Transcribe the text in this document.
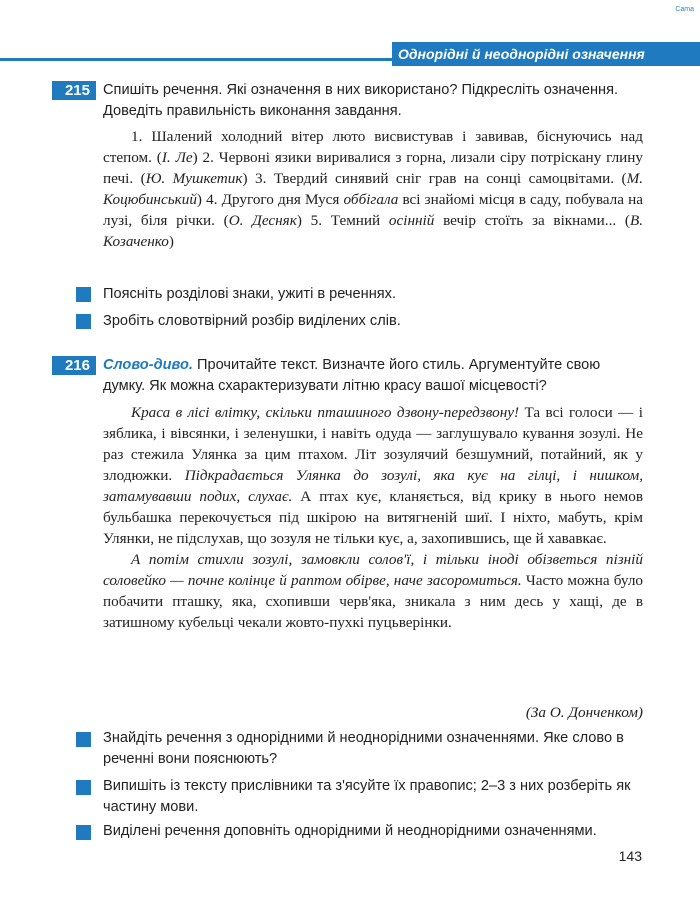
Cama
Однорідні й неоднорідні означення
215 Спишіть речення. Які означення в них використано? Підкресліть означення. Доведіть правильність виконання завдання.

1. Шалений холодний вітер люто висвистував і завивав, біснуючись над степом. (І. Ле) 2. Червоні язики виривалися з горна, лизали сіру потріскану глину печі. (Ю. Мушкетик) 3. Твердий синявий сніг грав на сонці самоцвітами. (М. Коцюбинський) 4. Другого дня Муся оббігала всі знайомі місця в саду, побувала на лузі, біля річки. (О. Десняк) 5. Темний осінній вечір стоїть за вікнами... (В. Козаченко)

Поясніть розділові знаки, ужиті в реченнях.
Зробіть словотвірний розбір виділених слів.
216 Слово-диво. Прочитайте текст. Визначте його стиль. Аргументуйте свою думку. Як можна схарактеризувати літню красу вашої місцевості?

Краса в лісі влітку, скільки пташиного дзвону-передзвону! Та всі голоси — і зяблика, і вівсянки, і зеленушки, і навіть одуда — заглушувало кування зозулі. Не раз стежила Улянка за цим птахом. Літ зозулячий безшумний, потайний, як у злодюжки. Підкрадається Улянка до зозулі, яка кує на гілці, і нишком, затамувавши подих, слухає. А птах кує, кланяється, від крику в нього немов бульбашка перекочується під шкірою на витягненій шиї. І ніхто, мабуть, крім Улянки, не підслухав, що зозуля не тільки кує, а, захопившись, ще й хававкає.

А потім стихли зозулі, замовкли солов'ї, і тільки іноді обізветься пізній соловейко — почне колінце й раптом обірве, наче засоромиться. Часто можна було побачити пташку, яка, схопивши черв'яка, зникала з ним десь у хащі, де в затишному кубельці чекали жовто-пухкі пуцьверінки.

(За О. Донченком)
Знайдіть речення з однорідними й неоднорідними означеннями. Яке слово в реченні вони пояснюють?
Випишіть із тексту прислівники та з'ясуйте їх правопис; 2–3 з них розберіть як частину мови.
Виділені речення доповніть однорідними й неоднорідними означеннями.
143
